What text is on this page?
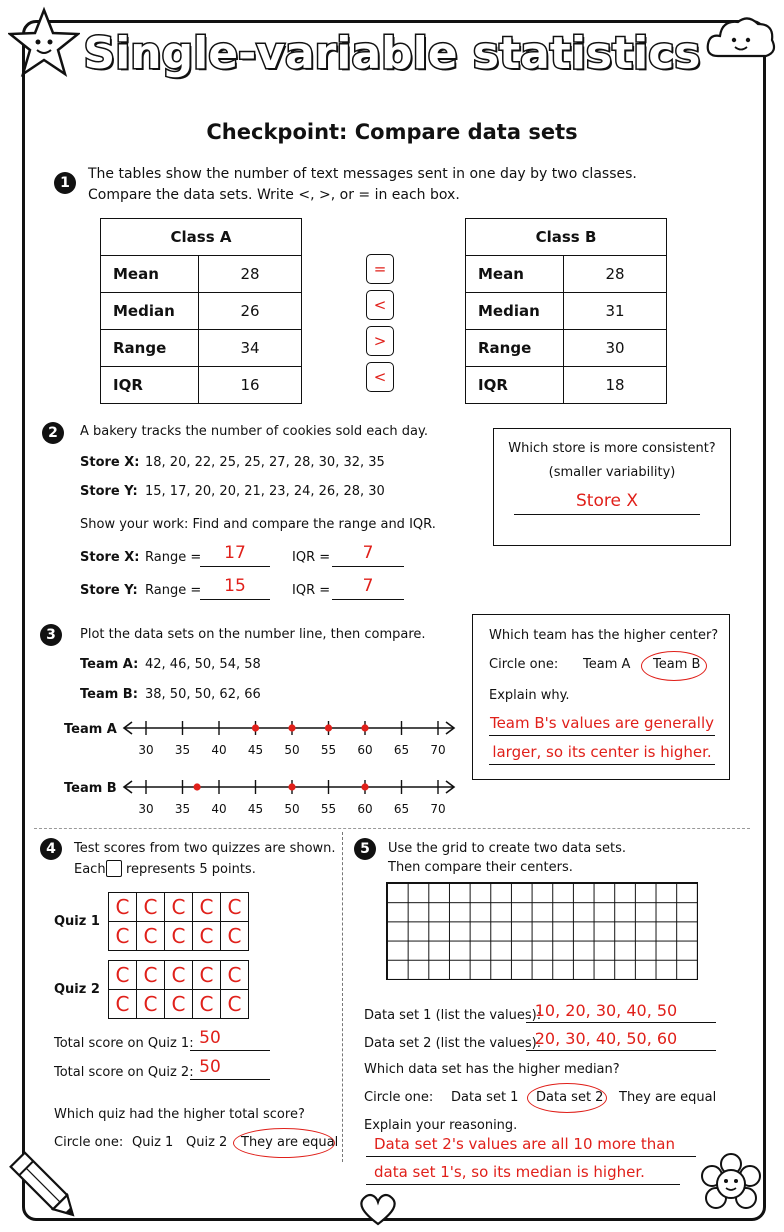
Single-variable statistics
Checkpoint: Compare data sets
1
The tables show the number of text messages sent in one day by two classes.
Compare the data sets. Write <, >, or = in each box.
Class A	
Mean	28
Median	26
Range	34
IQR	16
=
<
>
<
Class B	
Mean	28
Median	31
Range	30
IQR	18
2	A bakery tracks the number of cookies sold each day.
Store X: 18, 20, 22, 25, 25, 27, 28, 30, 32, 35
Store Y: 15, 17, 20, 20, 21, 23, 24, 26, 28, 30
Show your work: Find and compare the range and IQR.
Store X: Range =	17	IQR =	7
Store Y: Range =	15	IQR =	7
Which store is more consistent?
(smaller variability)
Store X
3	Plot the data sets on the number line, then compare.
Team A: 42, 46, 50, 54, 58
Team B: 38, 50, 50, 62, 66
Team A
30 35 40 45 50 55 60 65 70
Team B
30 35 40 45 50 55 60 65 70
Which team has the higher center?
Circle one: Team A Team B
Explain why.
Team B's values are generally
larger, so its center is higher.
4	Test scores from two quizzes are shown.
Each represents 5 points.
Quiz 1
C	C	C	C	C
C	C	C	C	C
Quiz 2
C	C	C	C	C
C	C	C	C	C
Total score on Quiz 1: 50
Total score on Quiz 2: 50
Which quiz had the higher total score?
Circle one: Quiz 1 Quiz 2 They are equal
5	Use the grid to create two data sets.
Then compare their centers.
Data set 1 (list the values):
10, 20, 30, 40, 50
Data set 2 (list the values):
20, 30, 40, 50, 60
Which data set has the higher median?
Circle one: Data set 1 Data set 2 They are equal
Explain your reasoning.
Data set 2's values are all 10 more than
data set 1's, so its median is higher.
